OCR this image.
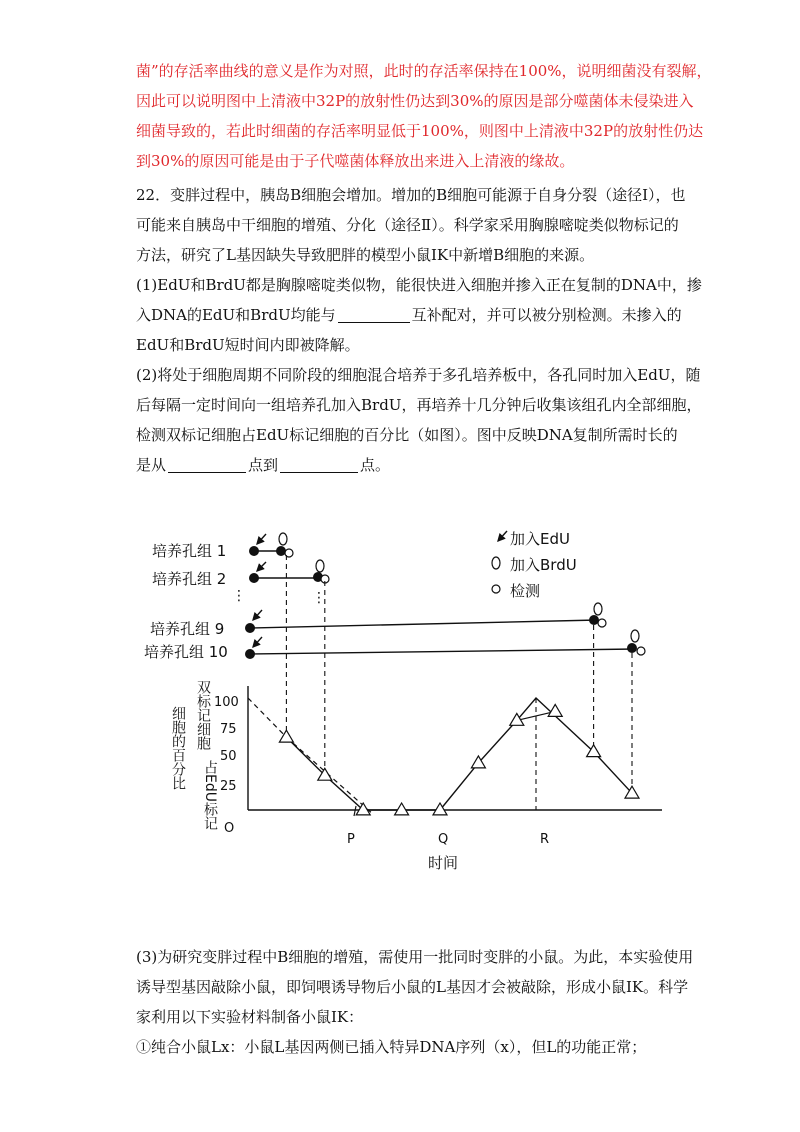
菌”的存活率曲线的意义是作为对照，此时的存活率保持在100%，说明细菌没有裂解，
因此可以说明图中上清液中32P的放射性仍达到30%的原因是部分噬菌体未侵染进入
细菌导致的，若此时细菌的存活率明显低于100%，则图中上清液中32P的放射性仍达
到30%的原因可能是由于子代噬菌体释放出来进入上清液的缘故。
22．变胖过程中，胰岛B细胞会增加。增加的B细胞可能源于自身分裂（途径Ⅰ），也
可能来自胰岛中干细胞的增殖、分化（途径Ⅱ）。科学家采用胸腺嘧啶类似物标记的
方法，研究了L基因缺失导致肥胖的模型小鼠IK中新增B细胞的来源。
(1)EdU和BrdU都是胸腺嘧啶类似物，能很快进入细胞并掺入正在复制的DNA中，掺
入DNA的EdU和BrdU均能与	互补配对，并可以被分别检测。未掺入的
EdU和BrdU短时间内即被降解。
(2)将处于细胞周期不同阶段的细胞混合培养于多孔培养板中，各孔同时加入EdU，随
后每隔一定时间向一组培养孔加入BrdU，再培养十几分钟后收集该组孔内全部细胞，
检测双标记细胞占EdU标记细胞的百分比（如图）。图中反映DNA复制所需时长的
是从	点到	点。
培养孔组 1
培养孔组 2
⋮
培养孔组 9
培养孔组 10
⋮
加入EdU
加入BrdU
检测
双标记细胞
细胞的百分比
占EdU标记
100
75
50
25
O
P	Q	R
时间
(3)为研究变胖过程中B细胞的增殖，需使用一批同时变胖的小鼠。为此，本实验使用
诱导型基因敲除小鼠，即饲喂诱导物后小鼠的L基因才会被敲除，形成小鼠IK。科学
家利用以下实验材料制备小鼠IK：
①纯合小鼠Lx：小鼠L基因两侧已插入特异DNA序列（x），但L的功能正常；
